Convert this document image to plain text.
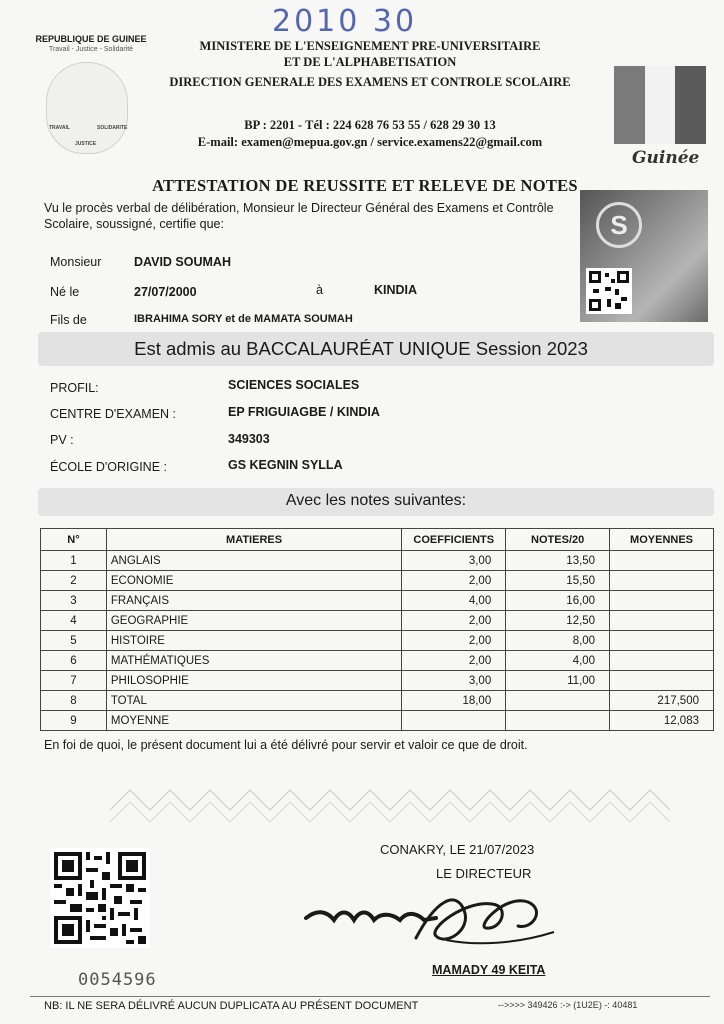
2010 30
REPUBLIQUE DE GUINEE
Travail - Justice - Solidarité
TRAVAIL	SOLIDARITE
JUSTICE
MINISTERE DE L'ENSEIGNEMENT PRE-UNIVERSITAIRE
ET DE L'ALPHABETISATION
DIRECTION GENERALE DES EXAMENS ET CONTROLE SCOLAIRE
BP : 2201 - Tél : 224 628 76 53 55 / 628 29 30 13
E-mail: examen@mepua.gov.gn / service.examens22@gmail.com
Guinée
ATTESTATION DE REUSSITE ET RELEVE DE NOTES
Vu le procès verbal de délibération, Monsieur le Directeur Général des Examens et Contrôle Scolaire, soussigné, certifie que:	S
Monsieur	DAVID SOUMAH
Né le	27/07/2000	à	KINDIA
Fils de	IBRAHIMA SORY et de MAMATA SOUMAH
Est admis au BACCALAURÉAT UNIQUE Session 2023
PROFIL:	SCIENCES SOCIALES
CENTRE D'EXAMEN :	EP FRIGUIAGBE / KINDIA
PV :	349303
ÉCOLE D'ORIGINE :	GS KEGNIN SYLLA
Avec les notes suivantes:
N°	MATIERES	COEFFICIENTS	NOTES/20	MOYENNES
1	ANGLAIS	3,00	13,50	
2	ECONOMIE	2,00	15,50	
3	FRANÇAIS	4,00	16,00	
4	GEOGRAPHIE	2,00	12,50	
5	HISTOIRE	2,00	8,00	
6	MATHÉMATIQUES	2,00	4,00	
7	PHILOSOPHIE	3,00	11,00	
8	TOTAL	18,00		217,500
9	MOYENNE			12,083
En foi de quoi, le présent document lui a été délivré pour servir et valoir ce que de droit.
CONAKRY, LE 21/07/2023
LE DIRECTEUR
MAMADY 49 KEITA
0054596
NB: IL NE SERA DÉLIVRÉ AUCUN DUPLICATA AU PRÉSENT DOCUMENT	-->>>> 349426 :-> (1U2E) -: 40481
